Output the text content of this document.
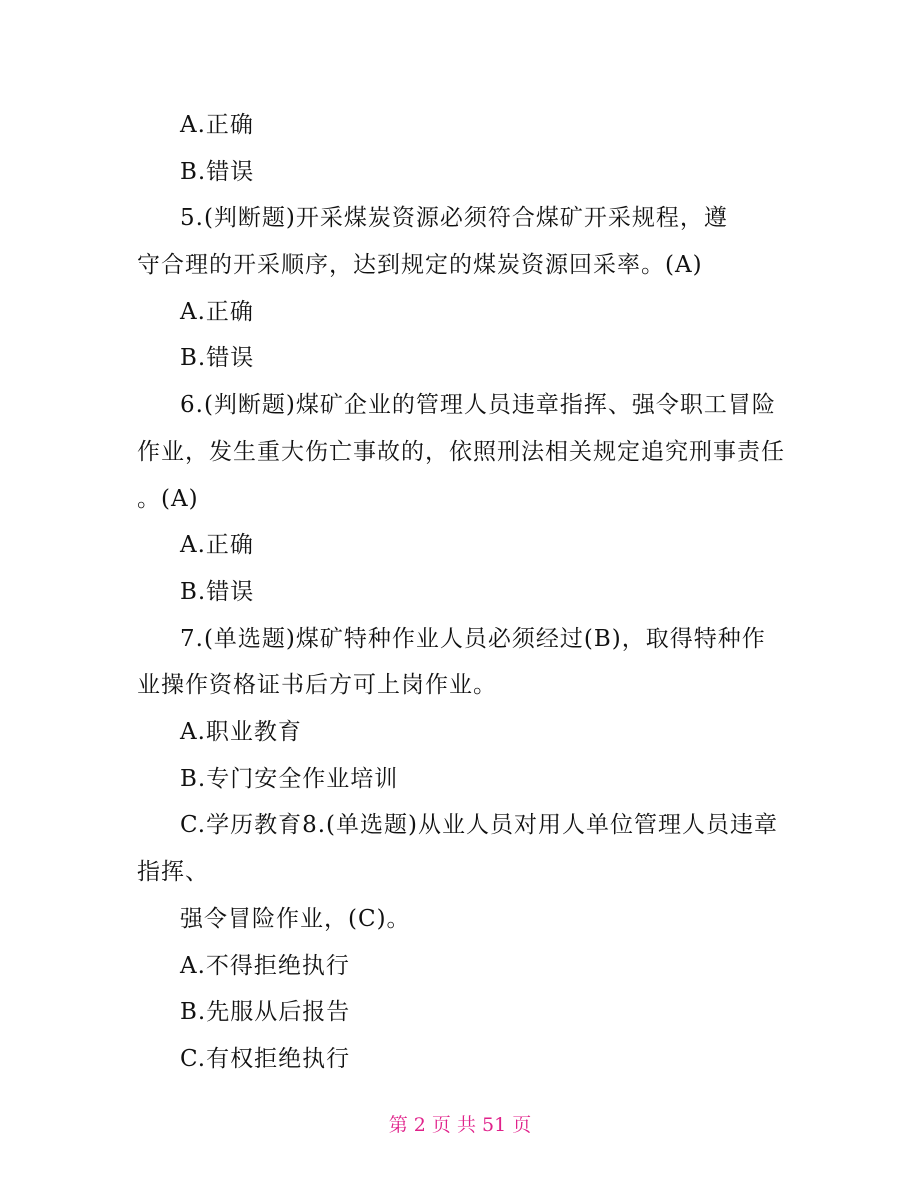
A.正确
B.错误
5.(判断题)开采煤炭资源必须符合煤矿开采规程，遵
守合理的开采顺序，达到规定的煤炭资源回采率。(A)
A.正确
B.错误
6.(判断题)煤矿企业的管理人员违章指挥、强令职工冒险
作业，发生重大伤亡事故的，依照刑法相关规定追究刑事责任
。(A)
A.正确
B.错误
7.(单选题)煤矿特种作业人员必须经过(B)，取得特种作
业操作资格证书后方可上岗作业。
A.职业教育
B.专门安全作业培训
C.学历教育8.(单选题)从业人员对用人单位管理人员违章
指挥、
强令冒险作业，(C)。
A.不得拒绝执行
B.先服从后报告
C.有权拒绝执行
第 2 页 共 51 页
